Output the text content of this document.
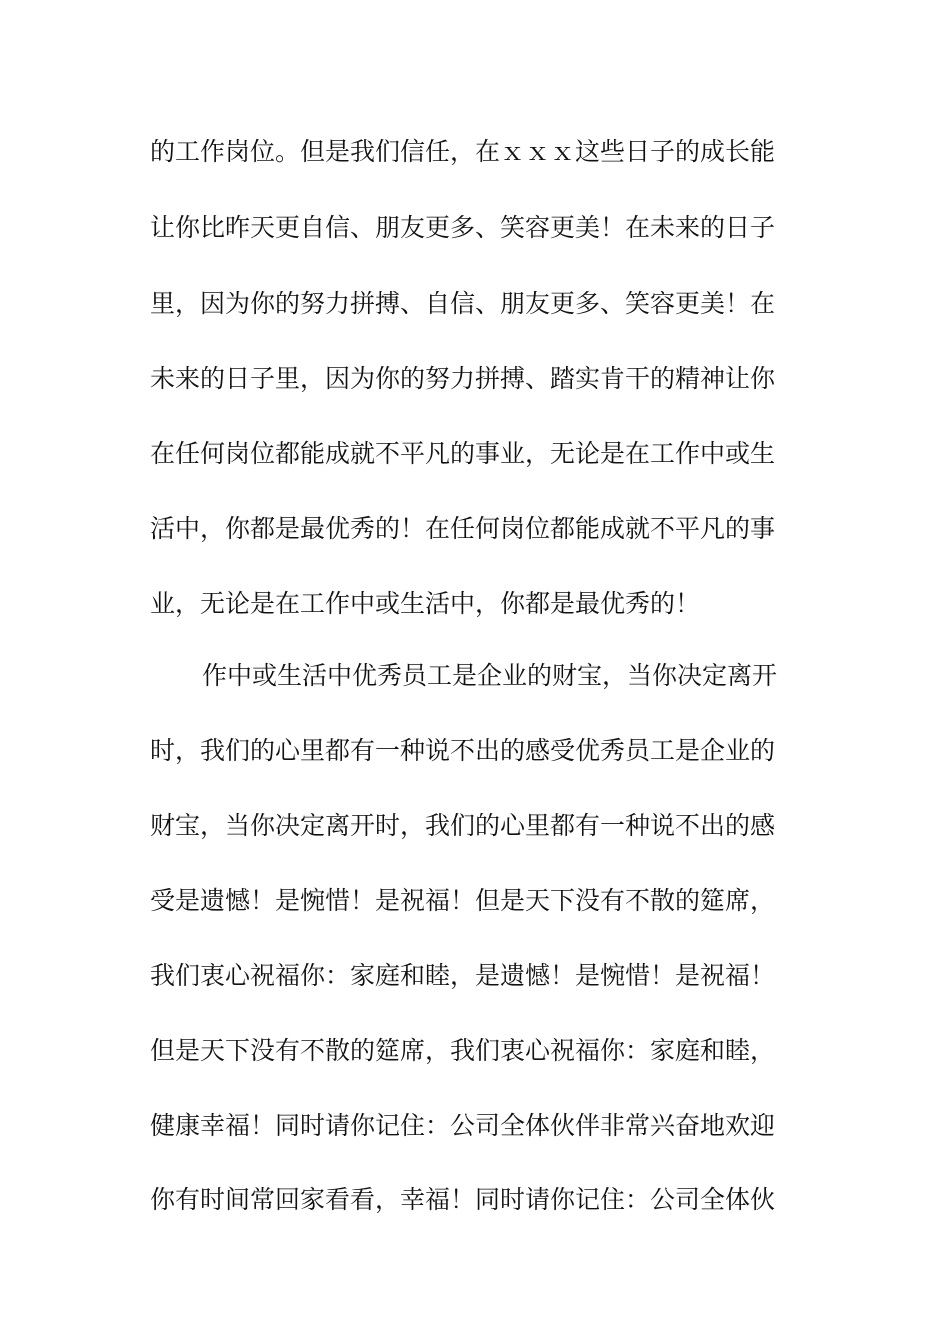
的工作岗位。但是我们信任，在ｘｘｘ这些日子的成长能
让你比昨天更自信、朋友更多、笑容更美！在未来的日子
里，因为你的努力拼搏、自信、朋友更多、笑容更美！在
未来的日子里，因为你的努力拼搏、踏实肯干的精神让你
在任何岗位都能成就不平凡的事业，无论是在工作中或生
活中，你都是最优秀的！在任何岗位都能成就不平凡的事
业，无论是在工作中或生活中，你都是最优秀的！
作中或生活中优秀员工是企业的财宝，当你决定离开
时，我们的心里都有一种说不出的感受优秀员工是企业的
财宝，当你决定离开时，我们的心里都有一种说不出的感
受是遗憾！是惋惜！是祝福！但是天下没有不散的筵席，
我们衷心祝福你：家庭和睦，是遗憾！是惋惜！是祝福！
但是天下没有不散的筵席，我们衷心祝福你：家庭和睦，
健康幸福！同时请你记住：公司全体伙伴非常兴奋地欢迎
你有时间常回家看看，幸福！同时请你记住：公司全体伙
